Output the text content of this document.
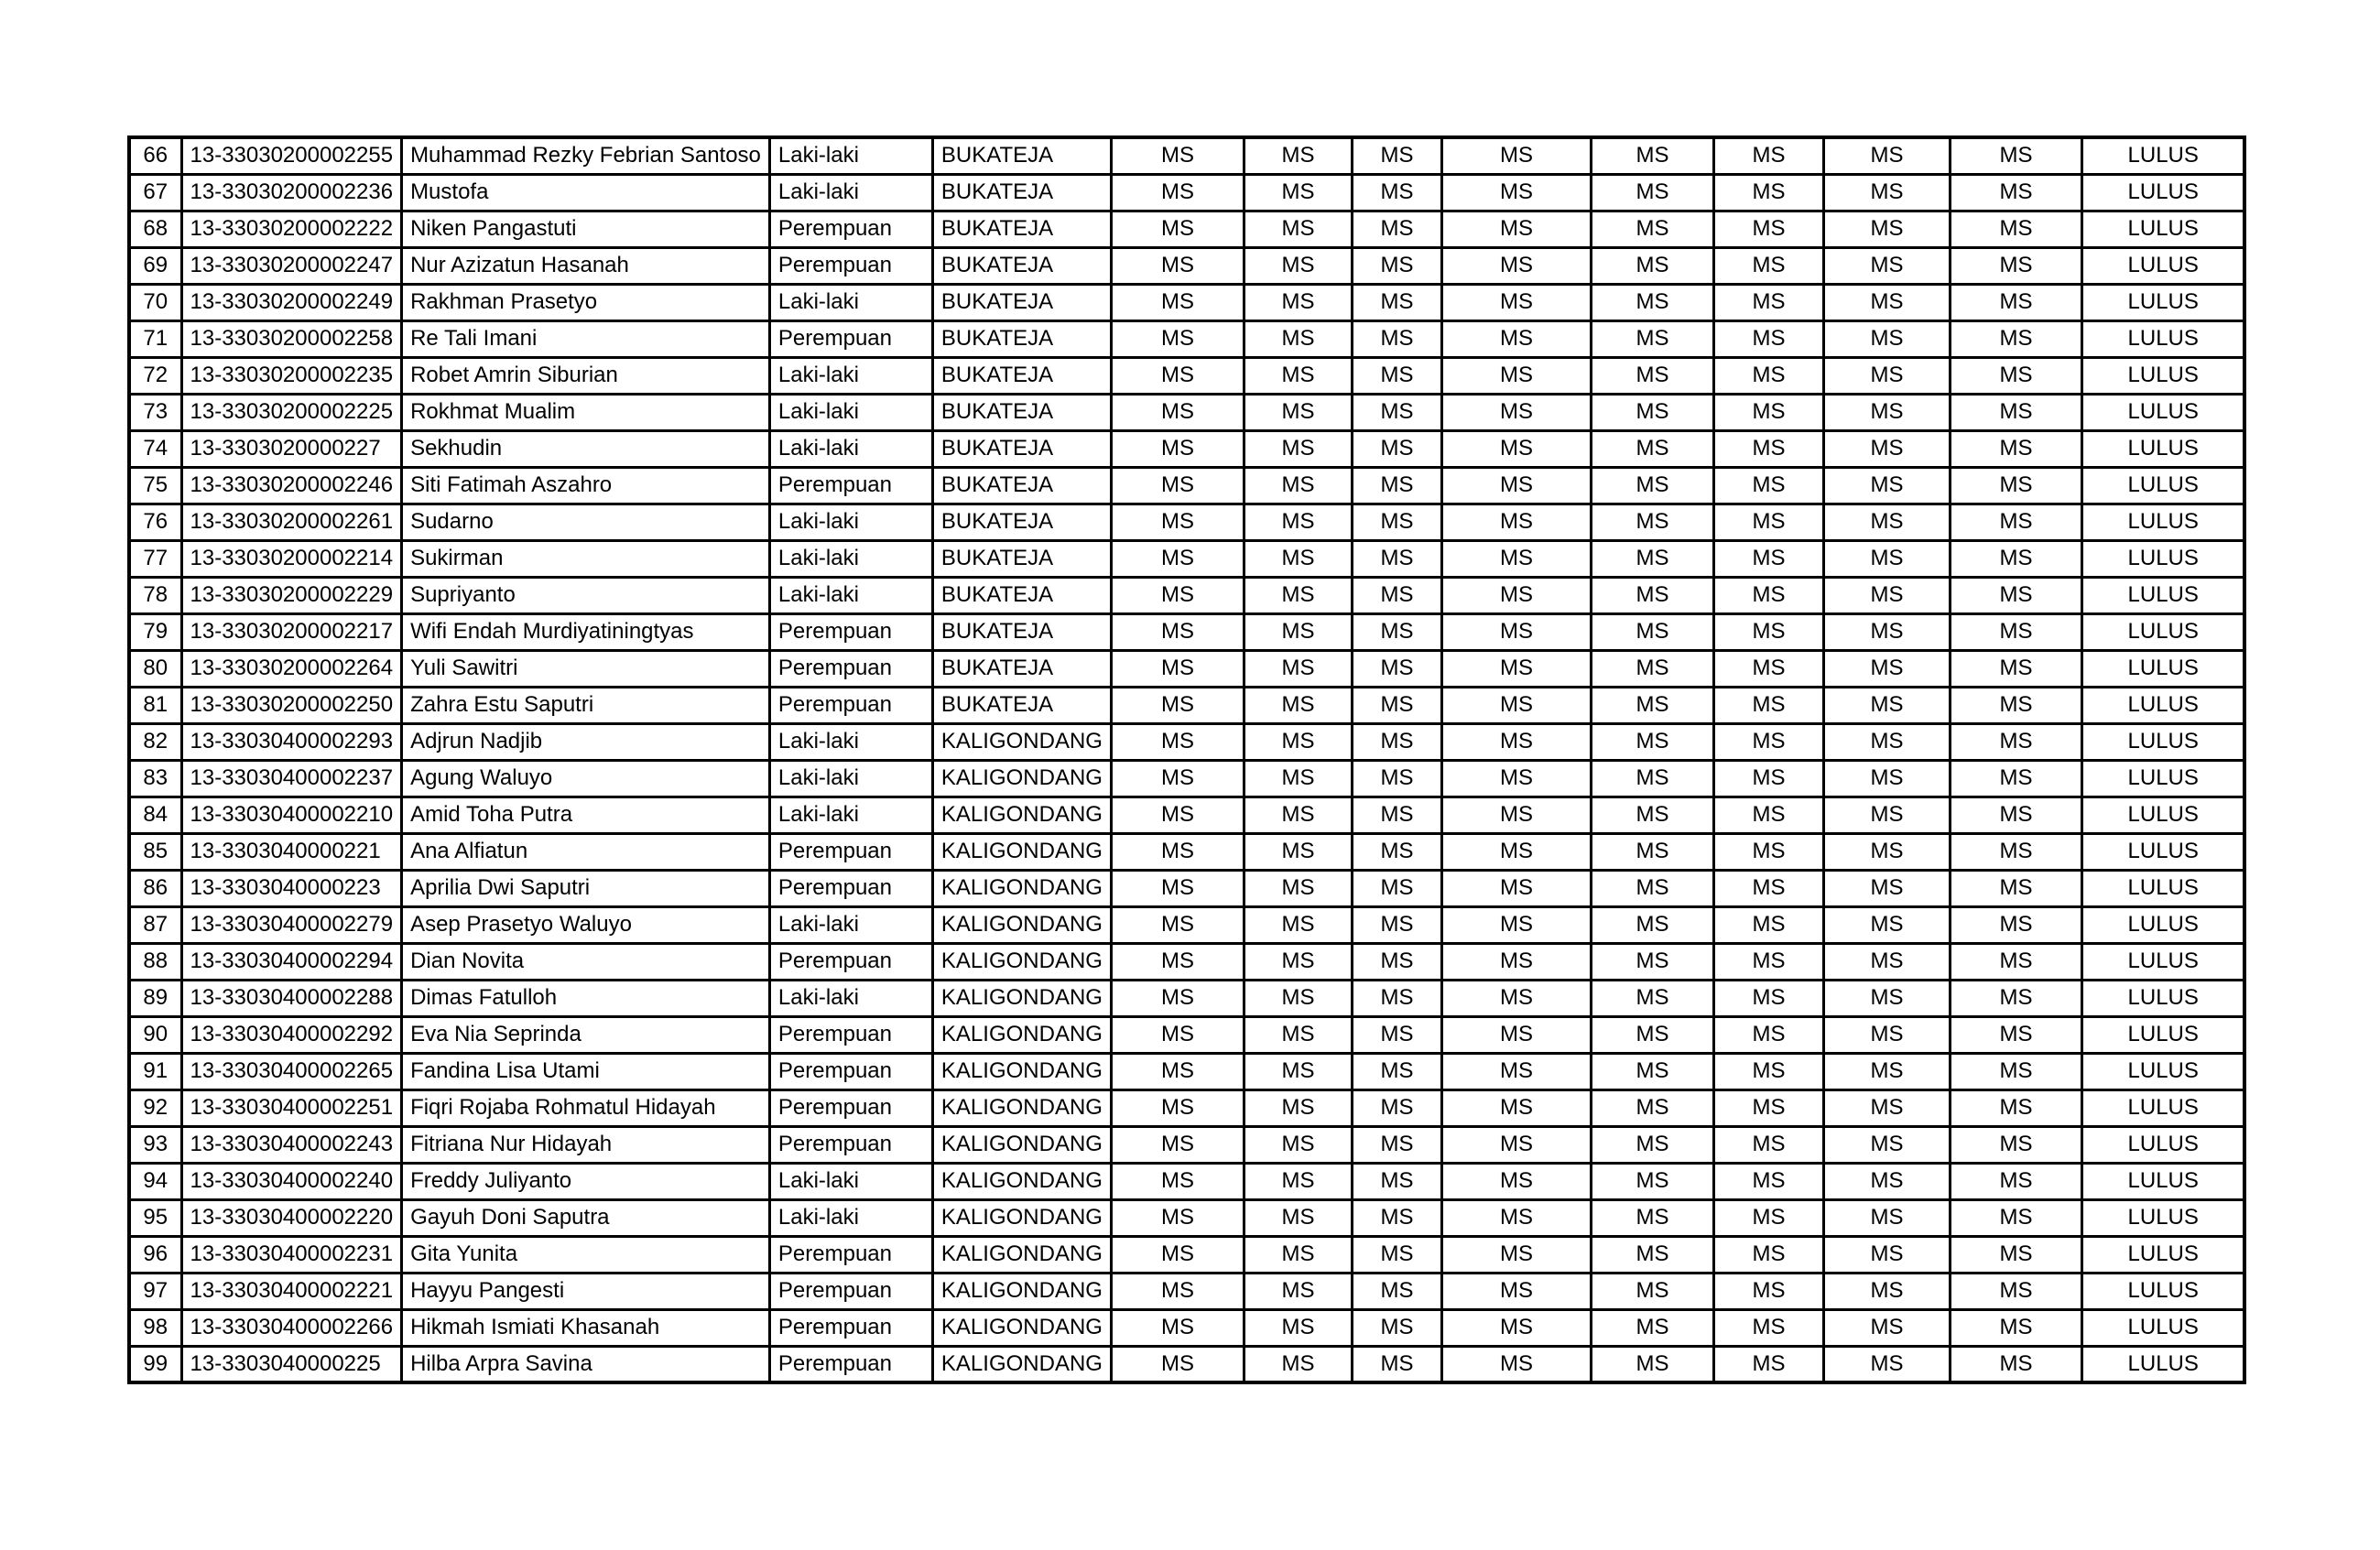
66	13-33030200002255	Muhammad Rezky Febrian Santoso	Laki-laki	BUKATEJA	MS	MS	MS	MS	MS	MS	MS	MS	LULUS
67	13-33030200002236	Mustofa	Laki-laki	BUKATEJA	MS	MS	MS	MS	MS	MS	MS	MS	LULUS
68	13-33030200002222	Niken Pangastuti	Perempuan	BUKATEJA	MS	MS	MS	MS	MS	MS	MS	MS	LULUS
69	13-33030200002247	Nur Azizatun Hasanah	Perempuan	BUKATEJA	MS	MS	MS	MS	MS	MS	MS	MS	LULUS
70	13-33030200002249	Rakhman Prasetyo	Laki-laki	BUKATEJA	MS	MS	MS	MS	MS	MS	MS	MS	LULUS
71	13-33030200002258	Re Tali Imani	Perempuan	BUKATEJA	MS	MS	MS	MS	MS	MS	MS	MS	LULUS
72	13-33030200002235	Robet Amrin Siburian	Laki-laki	BUKATEJA	MS	MS	MS	MS	MS	MS	MS	MS	LULUS
73	13-33030200002225	Rokhmat Mualim	Laki-laki	BUKATEJA	MS	MS	MS	MS	MS	MS	MS	MS	LULUS
74	13-3303020000227	Sekhudin	Laki-laki	BUKATEJA	MS	MS	MS	MS	MS	MS	MS	MS	LULUS
75	13-33030200002246	Siti Fatimah Aszahro	Perempuan	BUKATEJA	MS	MS	MS	MS	MS	MS	MS	MS	LULUS
76	13-33030200002261	Sudarno	Laki-laki	BUKATEJA	MS	MS	MS	MS	MS	MS	MS	MS	LULUS
77	13-33030200002214	Sukirman	Laki-laki	BUKATEJA	MS	MS	MS	MS	MS	MS	MS	MS	LULUS
78	13-33030200002229	Supriyanto	Laki-laki	BUKATEJA	MS	MS	MS	MS	MS	MS	MS	MS	LULUS
79	13-33030200002217	Wifi Endah Murdiyatiningtyas	Perempuan	BUKATEJA	MS	MS	MS	MS	MS	MS	MS	MS	LULUS
80	13-33030200002264	Yuli Sawitri	Perempuan	BUKATEJA	MS	MS	MS	MS	MS	MS	MS	MS	LULUS
81	13-33030200002250	Zahra Estu Saputri	Perempuan	BUKATEJA	MS	MS	MS	MS	MS	MS	MS	MS	LULUS
82	13-33030400002293	Adjrun Nadjib	Laki-laki	KALIGONDANG	MS	MS	MS	MS	MS	MS	MS	MS	LULUS
83	13-33030400002237	Agung Waluyo	Laki-laki	KALIGONDANG	MS	MS	MS	MS	MS	MS	MS	MS	LULUS
84	13-33030400002210	Amid Toha Putra	Laki-laki	KALIGONDANG	MS	MS	MS	MS	MS	MS	MS	MS	LULUS
85	13-3303040000221	Ana Alfiatun	Perempuan	KALIGONDANG	MS	MS	MS	MS	MS	MS	MS	MS	LULUS
86	13-3303040000223	Aprilia Dwi Saputri	Perempuan	KALIGONDANG	MS	MS	MS	MS	MS	MS	MS	MS	LULUS
87	13-33030400002279	Asep Prasetyo Waluyo	Laki-laki	KALIGONDANG	MS	MS	MS	MS	MS	MS	MS	MS	LULUS
88	13-33030400002294	Dian Novita	Perempuan	KALIGONDANG	MS	MS	MS	MS	MS	MS	MS	MS	LULUS
89	13-33030400002288	Dimas Fatulloh	Laki-laki	KALIGONDANG	MS	MS	MS	MS	MS	MS	MS	MS	LULUS
90	13-33030400002292	Eva Nia Seprinda	Perempuan	KALIGONDANG	MS	MS	MS	MS	MS	MS	MS	MS	LULUS
91	13-33030400002265	Fandina Lisa Utami	Perempuan	KALIGONDANG	MS	MS	MS	MS	MS	MS	MS	MS	LULUS
92	13-33030400002251	Fiqri Rojaba Rohmatul Hidayah	Perempuan	KALIGONDANG	MS	MS	MS	MS	MS	MS	MS	MS	LULUS
93	13-33030400002243	Fitriana Nur Hidayah	Perempuan	KALIGONDANG	MS	MS	MS	MS	MS	MS	MS	MS	LULUS
94	13-33030400002240	Freddy Juliyanto	Laki-laki	KALIGONDANG	MS	MS	MS	MS	MS	MS	MS	MS	LULUS
95	13-33030400002220	Gayuh Doni Saputra	Laki-laki	KALIGONDANG	MS	MS	MS	MS	MS	MS	MS	MS	LULUS
96	13-33030400002231	Gita Yunita	Perempuan	KALIGONDANG	MS	MS	MS	MS	MS	MS	MS	MS	LULUS
97	13-33030400002221	Hayyu Pangesti	Perempuan	KALIGONDANG	MS	MS	MS	MS	MS	MS	MS	MS	LULUS
98	13-33030400002266	Hikmah Ismiati Khasanah	Perempuan	KALIGONDANG	MS	MS	MS	MS	MS	MS	MS	MS	LULUS
99	13-3303040000225	Hilba Arpra Savina	Perempuan	KALIGONDANG	MS	MS	MS	MS	MS	MS	MS	MS	LULUS
